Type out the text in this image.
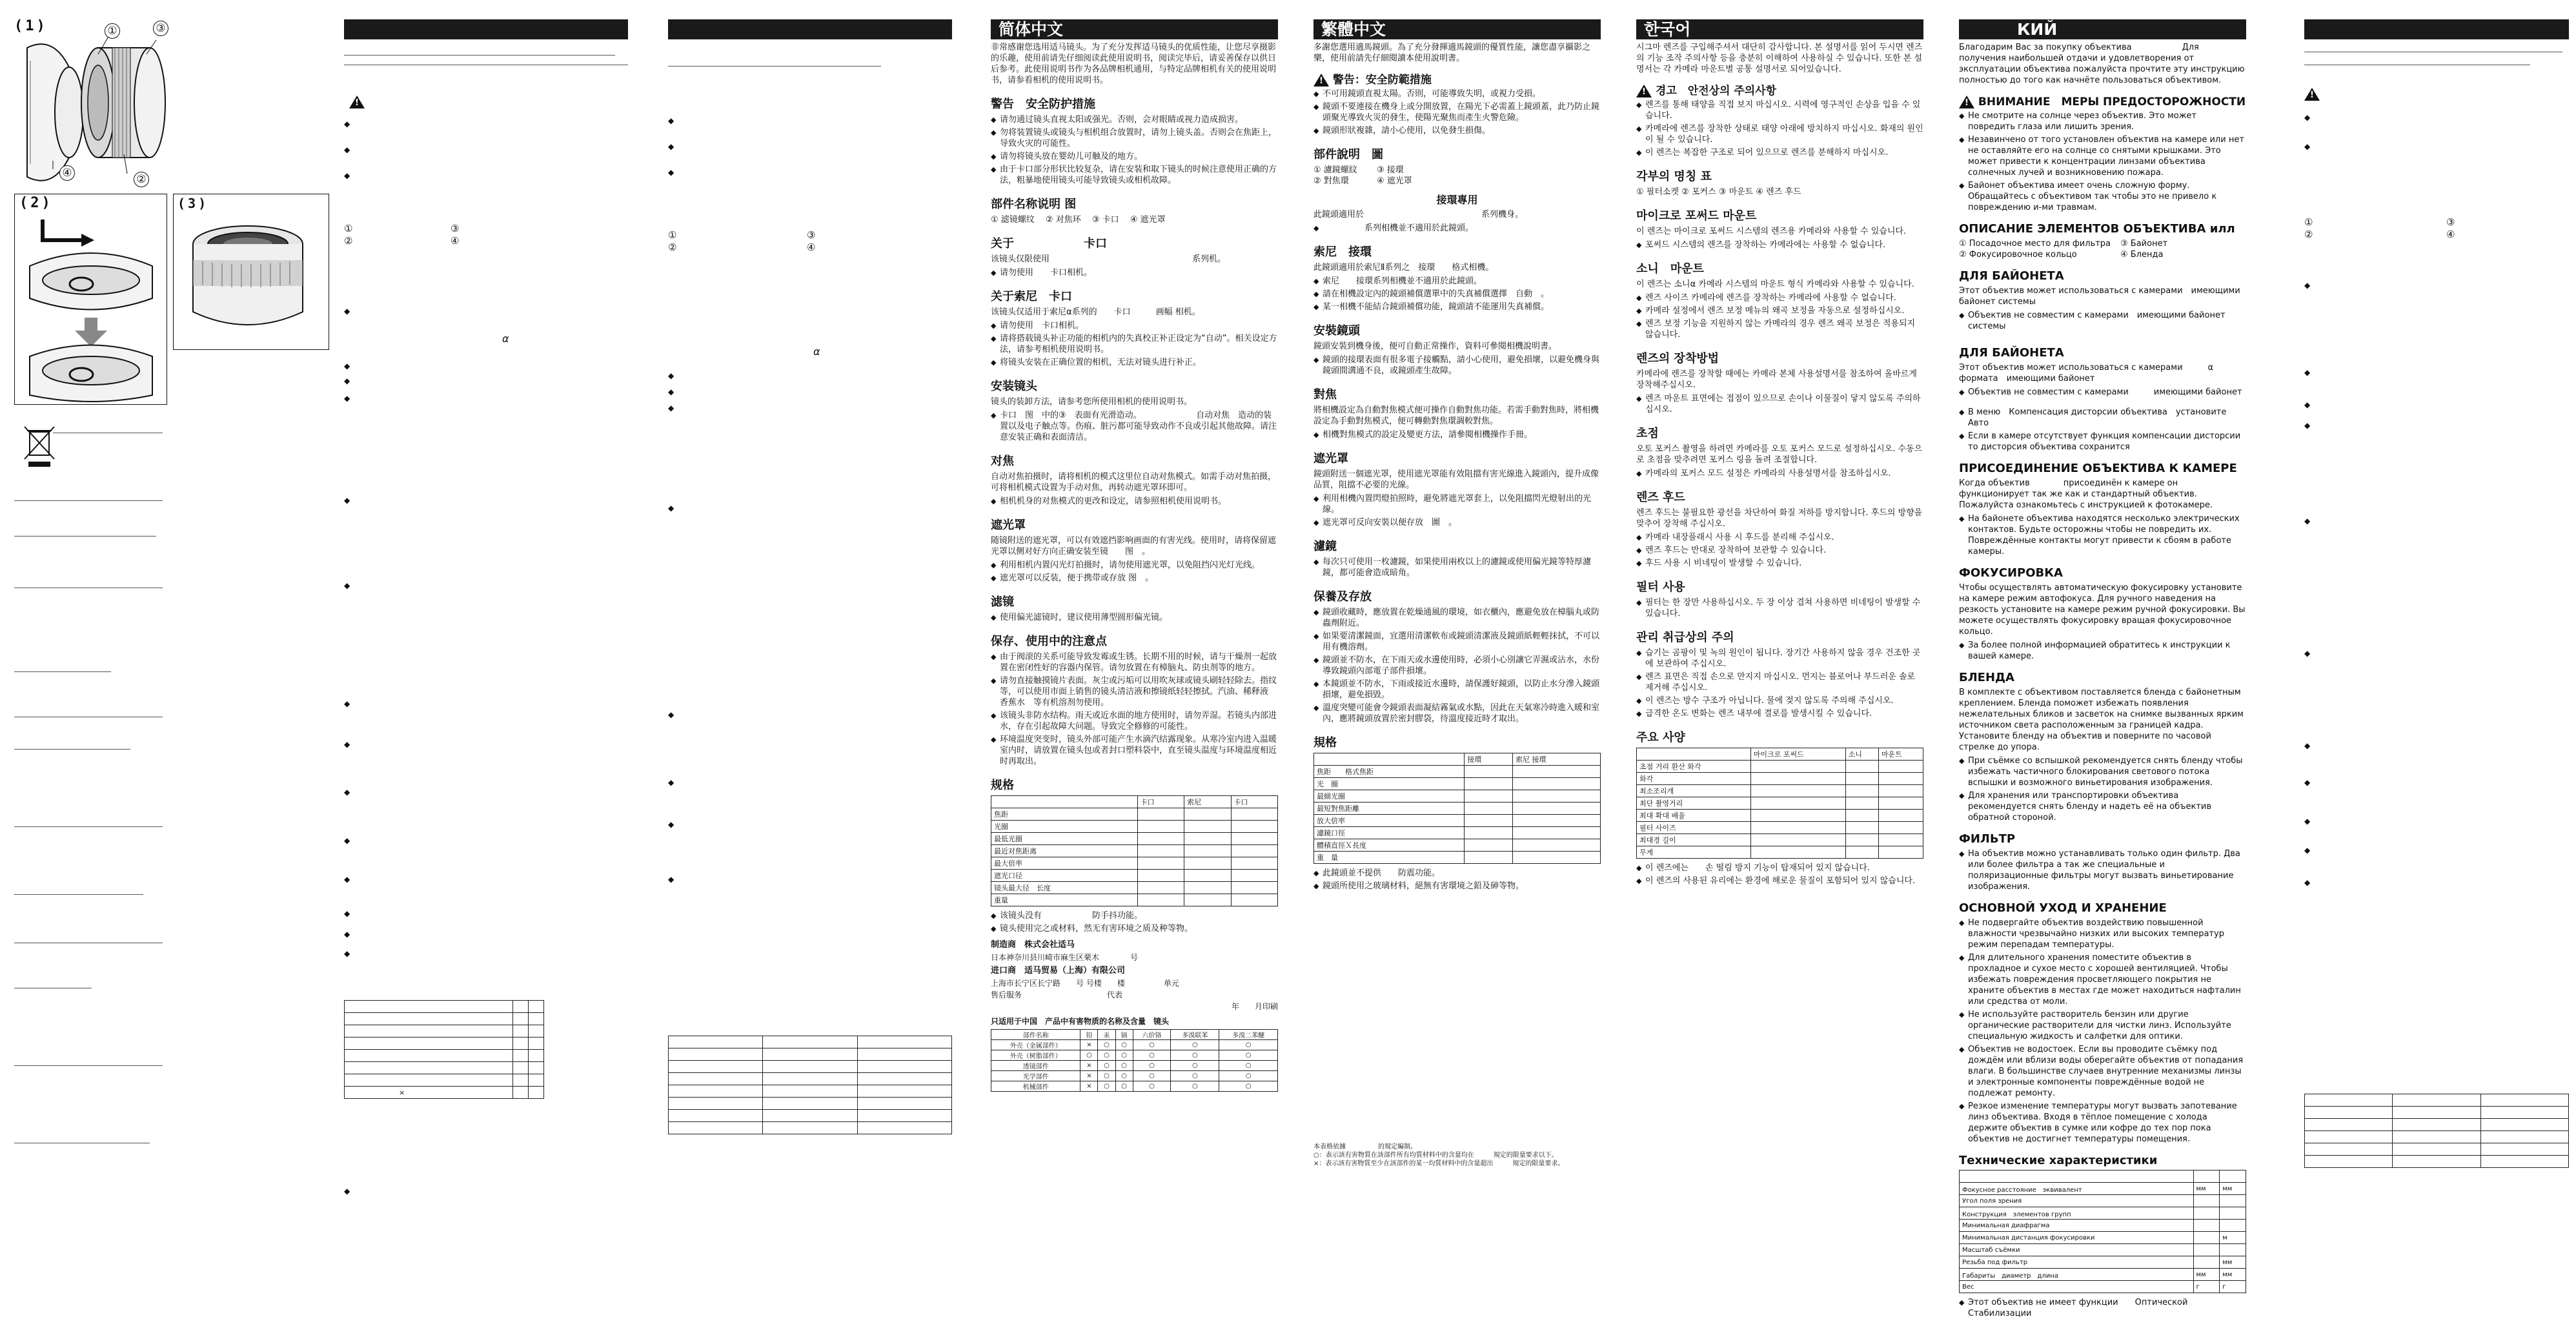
(1)	①	③
④	②
(2)	(3)
!
◆
◆
◆
①
②
③
④
◆
α
◆
◆
◆
◆
◆
◆
◆
◆
◆
◆
◆
◆
◆

×		
◆
◆
◆
◆
①
②
③
④
α
◆
◆
◆
◆
◆
◆
◆
◆

简体中文
非常感谢您选用适马镜头。为了充分发挥适马镜头的优质性能，让您尽享摄影的乐趣，使用前请先仔细阅读此使用说明书，阅读完毕后，请妥善保存以供日后参考。此使用说明书作为各品牌相机通用，与特定品牌相机有关的使用说明书，请参看相机的使用说明书。
警告　安全防护措施
◆ 请勿通过镜头直视太阳或强光。否则，会对眼睛或视力造成损害。
◆ 勿将装置镜头或镜头与相机组合放置时，请勿上镜头盖。否则会在焦距上，导致火灾的可能性。
◆ 请勿将镜头放在婴幼儿可触及的地方。
◆ 由于卡口部分形状比较复杂，请在安装和取下镜头的时候注意使用正确的方法，粗暴地使用镜头可能导致镜头或相机故障。
部件名称说明 图
① 滤镜螺纹　 ② 对焦环　 ③ 卡口　 ④ 遮光罩
关于　　　　　　卡口
该镜头仅限使用　　　　　　　　　　　　　　　　　系列机。
◆ 请勿使用　　卡口相机。
关于索尼　卡口
该镜头仅适用于索尼α系列的　　卡口　　　画幅 相机。
◆ 请勿使用　卡口相机。
◆ 请将搭载镜头补正功能的相机内的失真校正补正设定为“自动”。相关设定方法，请参考相机使用说明书。
◆ 将镜头安装在正确位置的相机，无法对镜头进行补正。
安装镜头
镜头的装卸方法，请参考您所使用相机的使用说明书。
◆ 卡口　图　中的③　表面有光滑造动。　　　　　　　自动对焦　造动的装置以及电子触点等。伤痕、脏污都可能导致动作不良或引起其他故障。请注意安装正确和表面清洁。
对焦
自动对焦拍摄时，请将相机的模式这里位自动对焦模式。如需手动对焦拍摄，可将相机模式设置为手动对焦，再转动遮光罩环即可。
◆ 相机机身的对焦模式的更改和设定，请参照相机使用说明书。
遮光罩
随镜附送的遮光罩，可以有效遮挡影响画面的有害光线。使用时，请将保留遮光罩以侧对好方向正确安装至镜　　图　。
◆ 利用相机内置闪光灯拍摄时，请勿使用遮光罩，以免阻挡闪光灯光线。
◆ 遮光罩可以反装，便于携带或存放 图　。
滤镜
◆ 使用偏光滤镜时，建议使用薄型圆形偏光镜。
保存、使用中的注意点
◆ 由于阀滚的关系可能导致发霉或生锈。长期不用的时候，请与干燥剂一起放置在密闭性好的容器内保管。请勿放置在有樟脑丸、防虫剂等的地方。
◆ 请勿直接触摸镜片表面。灰尘或污垢可以用吹灰球或镜头刷轻轻除去。指纹等，可以使用市面上销售的镜头清洁液和擦镜纸轻轻擦拭。汽油、稀释液　香蕉水　等有机溶剂勿使用。
◆ 该镜头非防水结构。雨天或近水面的地方使用时，请勿弄湿。若镜头内部进水，存在引起故障大问题。导致完全修修的可能性。
◆ 环境温度突变时，镜头外部可能产生水滴汽结露现象。从寒冷室内进入温暖室内时，请放置在镜头包或者封口塑料袋中，直至镜头温度与环境温度相近时再取出。
规格
	卡口	索尼	卡口
焦距			
光圈			
最低光圈			
最近对焦距离			
最大倍率			
遮光口径			
镜头最大径　长度			
重量			
◆ 该镜头没有　　　　　　防手抖功能。
◆ 镜头使用完之或材料，然无有害环境之质及种等物。
制造商　株式会社适马
日本神奈川县川崎市麻生区栗木　　　　号
进口商　适马贸易（上海）有限公司
上海市长宁区长宁路　　号 号楼　　楼　　　　　单元
售后服务　　　　　　　　　　　代表
年　　月印刷
只适用于中国　产品中有害物质的名称及含量　镜头
部件名称	铅	汞	镉	六价铬	多溴联苯	多溴二苯醚
外壳（金属部件）	×	○	○	○	○	○
外壳（树脂部件）	○	○	○	○	○	○
透镜部件	×	○	○	○	○	○
光学部件	×	○	○	○	○	○
机械部件	×	○	○	○	○	○
繁體中文
多謝您選用適馬鏡頭。為了充分發揮適馬鏡頭的優質性能，讓您盡享攝影之樂，使用前請先仔細閱讀本使用說明書。
! 警告：安全防範措施
◆ 不可用鏡頭直視太陽。否則，可能導致失明，或視力受損。
◆ 鏡頭不要連接在機身上或分開放置，在陽光下必需蓋上鏡頭蓋，此乃防止鏡頭聚光導致火災的發生，使陽光聚焦而產生火警危險。
◆ 鏡頭形狀複雜，請小心使用，以免發生損傷。
部件說明　圖
① 濾鏡螺紋　　 ③ 接環
② 對焦環　　　	④ 遮光罩
接環專用
此鏡頭適用於　　　　　　　　　　　　　　系列機身。
◆ 　　　　　系列相機並不適用於此鏡頭。
索尼　接環
此鏡頭適用於索尼Ⅱ系列之　接環　　格式相機。
◆ 索尼　　接環系列相機並不適用於此鏡頭。
◆ 請在相機設定內的鏡頭補償選單中的失真補償選擇　自動　。
◆ 某一相機不能結合鏡頭補償功能，鏡頭請不能運用失真補償。
安裝鏡頭
鏡頭安裝到機身後，便可自動正常操作，資料可參閱相機說明書。
◆ 鏡頭的接環表面有很多電子接觸點，請小心使用，避免損壞，以避免機身與鏡頭間溝通不良，或鏡頭產生故障。
對焦
將相機設定為自動對焦模式便可操作自動對焦功能。若需手動對焦時，將相機設定為手動對焦模式，便可轉動對焦環調較對焦。
◆ 相機對焦模式的設定及變更方法，請參閱相機操作手冊。
遮光罩
鏡頭附送一個遮光罩，使用遮光罩能有效阻擋有害光線進入鏡頭內，提升成像品質，阻擋不必要的光線。
◆ 利用相機內置閃燈拍照時，避免將遮光罩套上，以免阻擋閃光燈射出的光線。
◆ 遮光罩可反向安裝以便存放　圖　。
濾鏡
◆ 每次只可使用一枚濾鏡，如果使用兩枚以上的濾鏡或使用偏光鏡等特厚濾鏡，都可能會造成暗角。
保養及存放
◆ 鏡頭收藏時，應放置在乾燥通風的環境，如衣櫃內，應避免放在樟腦丸或防蟲劑附近。
◆ 如果要清潔鏡面，宜選用清潔軟布或鏡頭清潔液及鏡頭紙輕輕抹拭，不可以用有機溶劑。
◆ 鏡頭並不防水，在下雨天或水邊使用時，必須小心別讓它弄濕或沾水，水份導致鏡頭內部電子部件損壞。
◆ 本鏡頭並不防水，下雨或接近水邊時，請保護好鏡頭，以防止水分滲入鏡頭損壞，避免損毀。
◆ 溫度突變可能會令鏡頭表面凝結霧氣或水點，因此在天氣寒冷時進入暖和室內，應將鏡頭放置於密封膠袋，待溫度接近時才取出。
規格
	接環	索尼 接環
焦距　　格式焦距		
光　圈		
最細光圈		
最短對焦距離		
放大倍率		
濾鏡口徑		
體積直徑Ｘ長度		
重　量		
◆ 此鏡頭並不提供　　防震功能。
◆ 鏡頭所使用之玻璃材料，絕無有害環境之鉛及砷等物。
本表格依據　　　　　的規定編制。
○：表示該有害物質在該部件所有均質材料中的含量均在　　　規定的限量要求以下。
×：表示該有害物質至少在該部件的某一均質材料中的含量超出　　　規定的限量要求。
한국어
시그마 렌즈를 구입해주셔서 대단히 감사합니다. 본 설명서를 읽어 두시면 렌즈의 기능 조작 주의사항 등을 충분히 이해하여 사용하실 수 있습니다. 또한 본 설명서는 각 카메라 마운트별 공통 설명서로 되어있습니다.
! 경고　안전상의 주의사항
◆ 렌즈를 통해 태양을 직접 보지 마십시오. 시력에 영구적인 손상을 입을 수 있습니다.
◆ 카메라에 렌즈를 장착한 상태로 태양 아래에 방치하지 마십시오. 화재의 원인이 될 수 있습니다.
◆ 이 렌즈는 복잡한 구조로 되어 있으므로 렌즈를 분해하지 마십시오.
각부의 명칭 표
① 필터소켓 ② 포커스 ③ 마운트 ④ 렌즈 후드
마이크로 포써드 마운트
이 렌즈는 마이크로 포써드 시스템의 렌즈용 카메라와 사용할 수 있습니다.
◆ 포써드 시스템의 렌즈를 장착하는 카메라에는 사용할 수 없습니다.
소니　마운트
이 렌즈는 소니α 카메라 시스템의 마운트 형식 카메라와 사용할 수 있습니다.
◆ 렌즈 사이즈 카메라에 렌즈를 장착하는 카메라에 사용할 수 없습니다.
◆ 카메라 설정에서 렌즈 보정 메뉴의 왜곡 보정을 자동으로 설정하십시오.
◆ 렌즈 보정 기능을 지원하지 않는 카메라의 경우 렌즈 왜곡 보정은 적용되지 않습니다.
렌즈의 장착방법
카메라에 렌즈를 장착할 때에는 카메라 본체 사용설명서를 참조하여 올바르게 장착해주십시오.
◆ 렌즈 마운트 표면에는 접점이 있으므로 손이나 이물질이 닿지 않도록 주의하십시오.
초점
오토 포커스 촬영을 하려면 카메라를 오토 포커스 모드로 설정하십시오. 수동으로 초점을 맞추려면 포커스 링을 돌려 조절합니다.
◆ 카메라의 포커스 모드 설정은 카메라의 사용설명서를 참조하십시오.
렌즈 후드
렌즈 후드는 불필요한 광선을 차단하여 화질 저하를 방지합니다. 후드의 방향을 맞추어 장착해 주십시오.
◆ 카메라 내장플래시 사용 시 후드를 분리해 주십시오.
◆ 렌즈 후드는 반대로 장착하여 보관할 수 있습니다.
◆ 후드 사용 시 비네팅이 발생할 수 있습니다.
필터 사용
◆ 필터는 한 장만 사용하십시오. 두 장 이상 겹쳐 사용하면 비네팅이 발생할 수 있습니다.
관리 취급상의 주의
◆ 습기는 곰팡이 및 녹의 원인이 됩니다. 장기간 사용하지 않을 경우 건조한 곳에 보관하여 주십시오.
◆ 렌즈 표면은 직접 손으로 만지지 마십시오. 먼지는 블로어나 부드러운 솔로 제거해 주십시오.
◆ 이 렌즈는 방수 구조가 아닙니다. 물에 젖지 않도록 주의해 주십시오.
◆ 급격한 온도 변화는 렌즈 내부에 결로를 발생시킬 수 있습니다.
주요 사양
	마이크로 포써드	소니	마운트
초점 거리 환산 화각			
화각			
최소조리개			
최단 촬영거리			
최대 확대 배율			
필터 사이즈			
최대경 길이			
무게			
◆ 이 렌즈에는　　손 떨림 방지 기능이 탑재되어 있지 않습니다.
◆ 이 렌즈의 사용된 유리에는 환경에 해로운 물질이 포함되어 있지 않습니다.
КИЙ
Благодарим Вас за покупку объектива　　　　　　Для получения наибольшей отдачи и удовлетворения от эксплуатации объектива пожалуйста прочтите эту инструкцию полностью до того как начнёте пользоваться объективом.
! ВНИМАНИЕ　МЕРЫ ПРЕДОСТОРОЖНОСТИ
◆ Не смотрите на солнце через объектив. Это может повредить глаза или лишить зрения.
◆ Незавинчено от того установлен объектив на камере или нет не оставляйте его на солнце со снятыми крышками. Это может привести к концентрации линзами объектива солнечных лучей и возникновению пожара.
◆ Байонет объектива имеет очень сложную форму. Обращайтесь с объективом так чтобы это не привело к повреждению и-ми травмам.
ОПИСАНИЕ ЭЛЕМЕНТОВ ОБЪЕКТИВА илл
① Посадочное место для фильтра	③ Байонет
② Фокусировочное кольцо	④ Бленда
ДЛЯ БАЙОНЕТА
Этот объектив может использоваться с камерами　имеющими байонет системы
◆ Объектив не совместим с камерами　имеющими байонет системы
ДЛЯ БАЙОНЕТА
Этот объектив может использоваться с камерами　　　α формата　имеющими байонет
◆ Объектив не совместим с камерами　　　имеющими байонет
◆ В меню　Компенсация дисторсии объектива　установите　Авто
◆ Если в камере отсутствует функция компенсации дисторсии то дисторсия объектива сохранится
ПРИСОЕДИНЕНИЕ ОБЪЕКТИВА К КАМЕРЕ
Когда объектив　　　　присоединён к камере он функционирует так же как и стандартный объектив. Пожалуйста ознакомьтесь с инструкцией к фотокамере.
◆ На байонете объектива находятся несколько электрических контактов. Будьте осторожны чтобы не повредить их. Повреждённые контакты могут привести к сбоям в работе камеры.
ФОКУСИРОВКА
Чтобы осуществлять автоматическую фокусировку установите на камере режим автофокуса. Для ручного наведения на резкость установите на камере режим ручной фокусировки. Вы можете осуществлять фокусировку вращая фокусировочное кольцо.
◆ За более полной информацией обратитесь к инструкции к вашей камере.
БЛЕНДА
В комплекте с объективом поставляется бленда с байонетным креплением. Бленда поможет избежать появления нежелательных бликов и засветок на снимке вызванных ярким источником света расположенным за границей кадра. Установите бленду на объектив и поверните по часовой стрелке до упора.
◆ При съёмке со вспышкой рекомендуется снять бленду чтобы избежать частичного блокирования светового потока вспышки и возможного виньетирования изображения.
◆ Для хранения или транспортировки объектива рекомендуется снять бленду и надеть её на объектив обратной стороной.
ФИЛЬТР
◆ На объектив можно устанавливать только один фильтр. Два или более фильтра а так же специальные и поляризационные фильтры могут вызвать виньетирование изображения.
ОСНОВНОЙ УХОД И ХРАНЕНИЕ
◆ Не подвергайте объектив воздействию повышенной влажности чрезвычайно низких или высоких температур режим перепадам температуры.
◆ Для длительного хранения поместите объектив в прохладное и сухое место с хорошей вентиляцией. Чтобы избежать повреждения просветляющего покрытия не храните объектив в местах где может находиться нафталин или средства от моли.
◆ Не используйте растворитель бензин или другие органические растворители для чистки линз. Используйте специальную жидкость и салфетки для оптики.
◆ Объектив не водостоек. Если вы проводите съёмку под дождём или вблизи воды оберегайте объектив от попадания влаги. В большинстве случаев внутренние механизмы линзы и электронные компоненты повреждённые водой не подлежат ремонту.
◆ Резкое изменение температуры могут вызвать запотевание линз объектива. Входя в тёплое помещение с холода держите объектив в сумке или кофре до тех пор пока объектив не достигнет температуры помещения.
Технические характеристики

Фокусное расстояние　эквивалент	мм	мм
Угол поля зрения		
Конструкция　элементов групп		
Минимальная диафрагма		
Минимальная дистанция фокусировки		м
Масштаб съёмки		
Резьба под фильтр		мм
Габариты　диаметр　длина	мм	мм
Вес	г	г
◆ Этот объектив не имеет функции　　Оптической Стабилизации
!
◆
◆
①
②
③
④
◆
◆
◆
◆
◆
◆
◆
◆
◆
◆
◆
